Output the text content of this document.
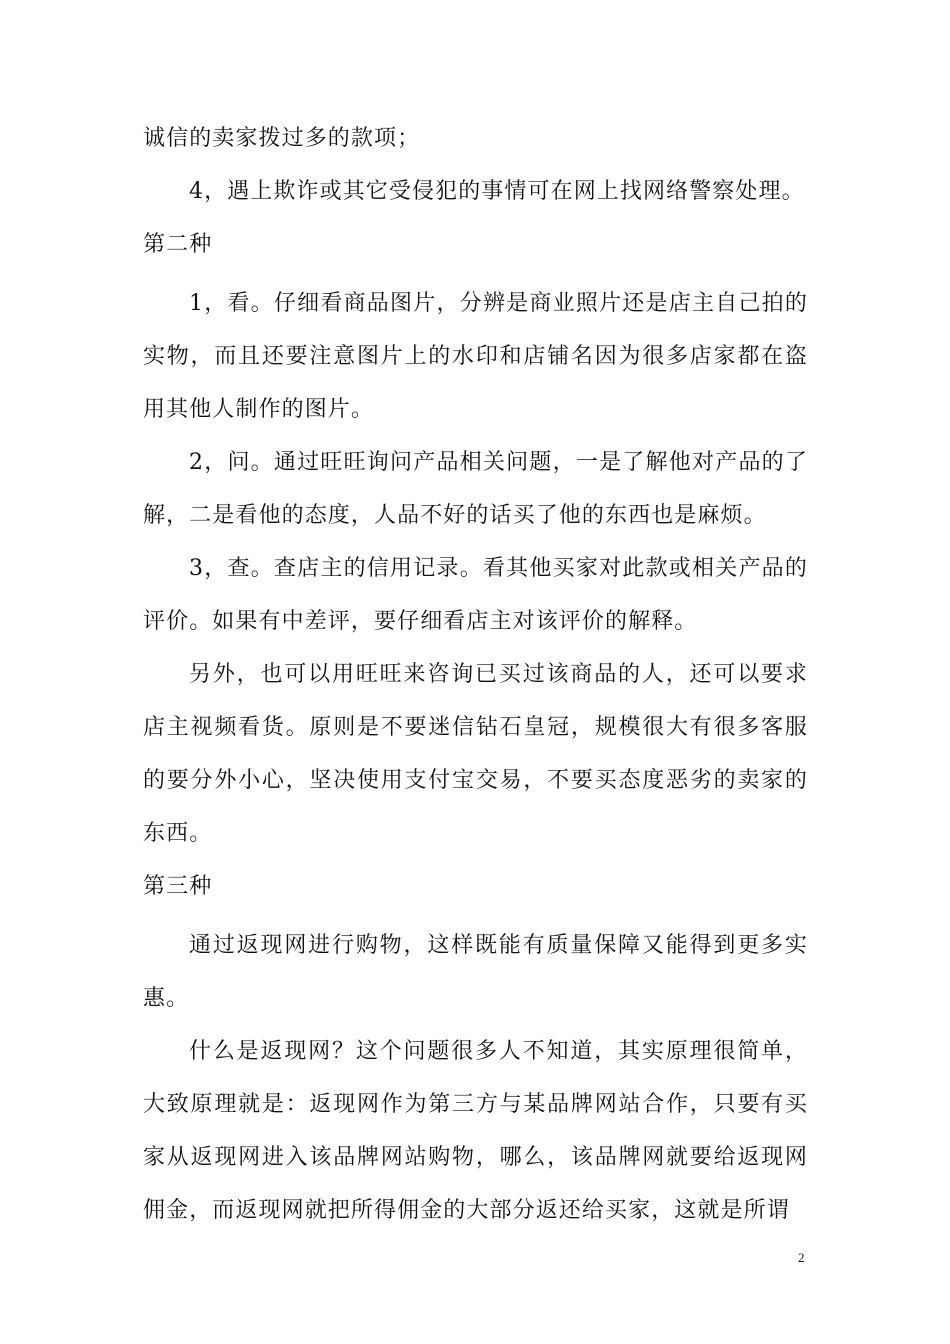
诚信的卖家拨过多的款项；

4，遇上欺诈或其它受侵犯的事情可在网上找网络警察处理。

第二种

1，看。仔细看商品图片，分辨是商业照片还是店主自己拍的实物，而且还要注意图片上的水印和店铺名因为很多店家都在盗用其他人制作的图片。

2，问。通过旺旺询问产品相关问题，一是了解他对产品的了解，二是看他的态度，人品不好的话买了他的东西也是麻烦。

3，查。查店主的信用记录。看其他买家对此款或相关产品的评价。如果有中差评，要仔细看店主对该评价的解释。

另外，也可以用旺旺来咨询已买过该商品的人，还可以要求店主视频看货。原则是不要迷信钻石皇冠，规模很大有很多客服的要分外小心，坚决使用支付宝交易，不要买态度恶劣的卖家的东西。

第三种

通过返现网进行购物，这样既能有质量保障又能得到更多实惠。

什么是返现网？这个问题很多人不知道，其实原理很简单，大致原理就是：返现网作为第三方与某品牌网站合作，只要有买家从返现网进入该品牌网站购物，哪么，该品牌网就要给返现网佣金，而返现网就把所得佣金的大部分返还给买家，这就是所谓

2
